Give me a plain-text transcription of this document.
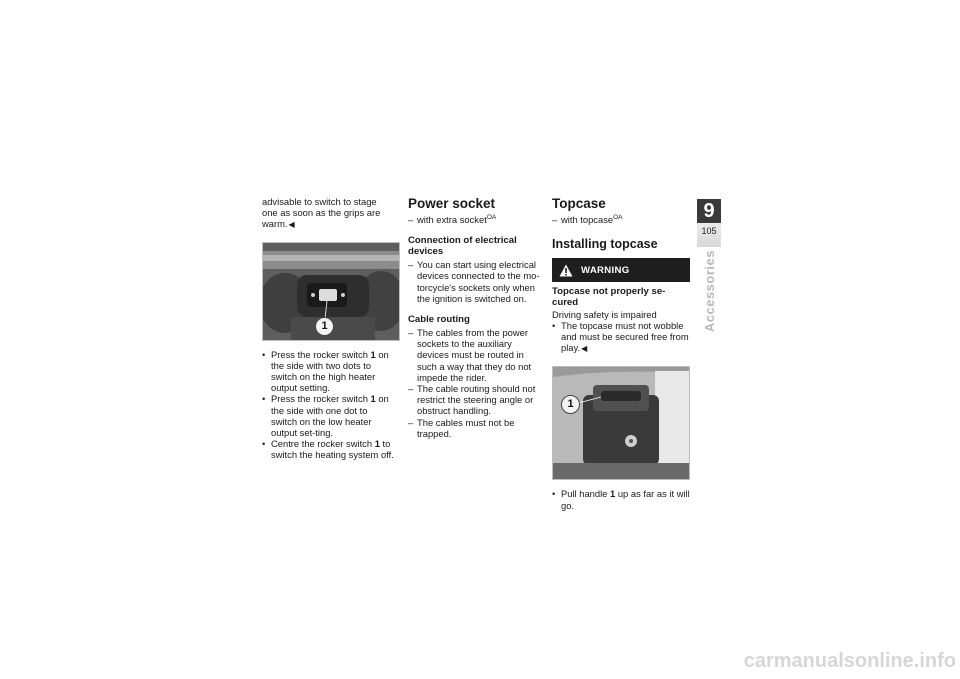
advisable to switch to stage one as soon as the grips are warm. ◀

1
• Press the rocker switch 1 on the side with two dots to switch on the high heater output setting.
• Press the rocker switch 1 on the side with one dot to switch on the low heater output set-ting.
• Centre the rocker switch 1 to switch the heating system off.
Power socket
– with extra socket$^{OA}$
Connection of electrical devices
– You can start using electrical devices connected to the mo-torcycle's sockets only when the ignition is switched on.
Cable routing
– The cables from the power sockets to the auxiliary devices must be routed in such a way that they do not impede the rider.
– The cable routing should not restrict the steering angle or obstruct handling.
– The cables must not be trapped.
Topcase
– with topcase$^{OA}$
Installing topcase
WARNING

Topcase not properly se-cured

Driving safety is impaired

• The topcase must not wobble and must be secured free from play. ◀
1
• Pull handle 1 up as far as it will go.
9
105
Accessories
carmanualsonline.info
